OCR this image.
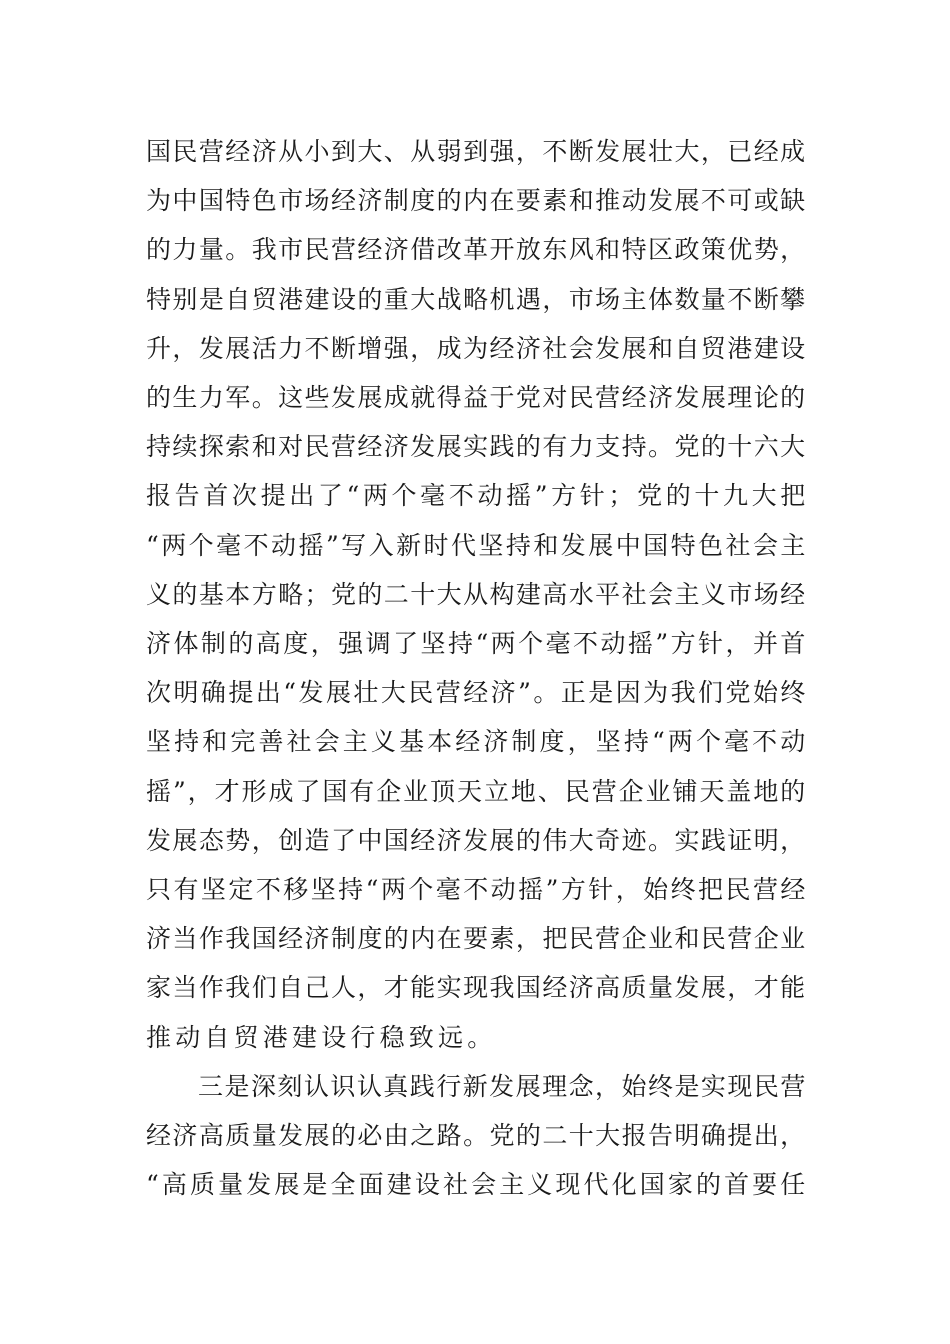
国 民 营 经 济 从 小 到 大 、 从 弱 到 强 ， 不 断 发 展 壮 大 ， 已 经 成
为 中 国 特 色 市 场 经 济 制 度 的 内 在 要 素 和 推 动 发 展 不 可 或 缺
的 力 量 。 我 市 民 营 经 济 借 改 革 开 放 东 风 和 特 区 政 策 优 势 ，
特 别 是 自 贸 港 建 设 的 重 大 战 略 机 遇 ， 市 场 主 体 数 量 不 断 攀
升 ， 发 展 活 力 不 断 增 强 ， 成 为 经 济 社 会 发 展 和 自 贸 港 建 设
的 生 力 军 。 这 些 发 展 成 就 得 益 于 党 对 民 营 经 济 发 展 理 论 的
持 续 探 索 和 对 民 营 经 济 发 展 实 践 的 有 力 支 持 。 党 的 十 六 大
报 告 首 次 提 出 了 “ 两 个 毫 不 动 摇 ” 方 针 ； 党 的 十 九 大 把
“ 两 个 毫 不 动 摇 ” 写 入 新 时 代 坚 持 和 发 展 中 国 特 色 社 会 主
义 的 基 本 方 略 ； 党 的 二 十 大 从 构 建 高 水 平 社 会 主 义 市 场 经
济 体 制 的 高 度 ， 强 调 了 坚 持 “ 两 个 毫 不 动 摇 ” 方 针 ， 并 首
次 明 确 提 出 “ 发 展 壮 大 民 营 经 济 ” 。 正 是 因 为 我 们 党 始 终
坚 持 和 完 善 社 会 主 义 基 本 经 济 制 度 ， 坚 持 “ 两 个 毫 不 动
摇 ” ， 才 形 成 了 国 有 企 业 顶 天 立 地 、 民 营 企 业 铺 天 盖 地 的
发 展 态 势 ， 创 造 了 中 国 经 济 发 展 的 伟 大 奇 迹 。 实 践 证 明 ，
只 有 坚 定 不 移 坚 持 “ 两 个 毫 不 动 摇 ” 方 针 ， 始 终 把 民 营 经
济 当 作 我 国 经 济 制 度 的 内 在 要 素 ， 把 民 营 企 业 和 民 营 企 业
家 当 作 我 们 自 己 人 ， 才 能 实 现 我 国 经 济 高 质 量 发 展 ， 才 能
推动自贸港建设行稳致远。
三 是 深 刻 认 识 认 真 践 行 新 发 展 理 念 ， 始 终 是 实 现 民 营
经 济 高 质 量 发 展 的 必 由 之 路 。 党 的 二 十 大 报 告 明 确 提 出 ，
“ 高 质 量 发 展 是 全 面 建 设 社 会 主 义 现 代 化 国 家 的 首 要 任
